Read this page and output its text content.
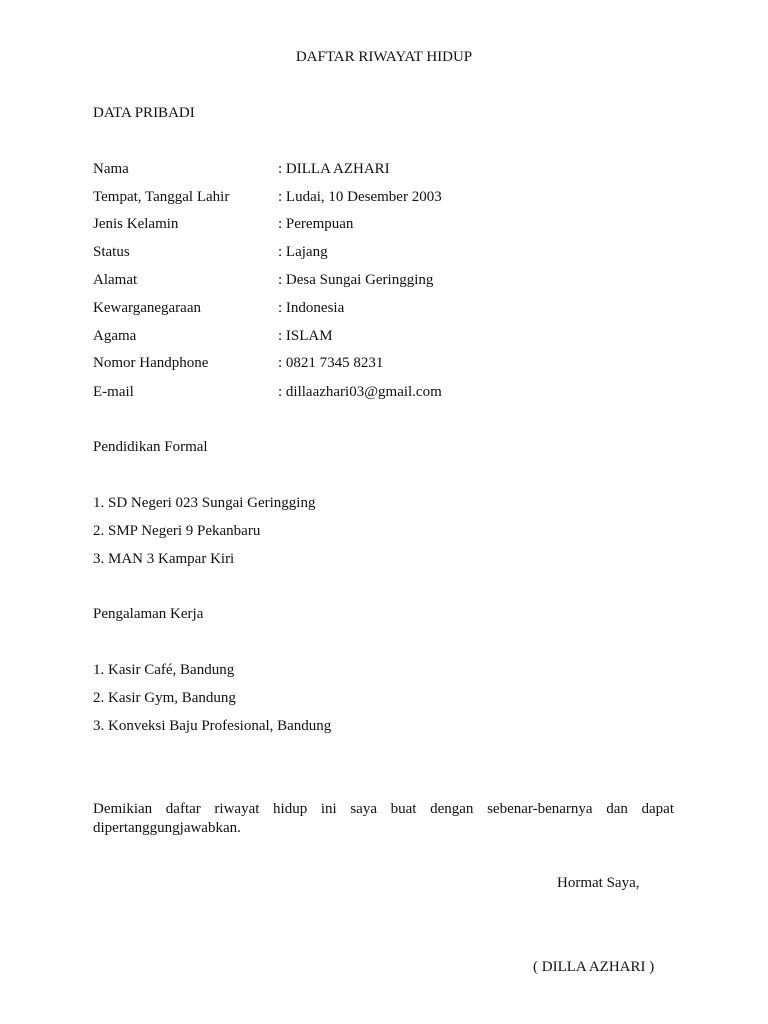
DAFTAR RIWAYAT HIDUP
DATA PRIBADI
Nama	: DILLA AZHARI
Tempat, Tanggal Lahir	: Ludai, 10 Desember 2003
Jenis Kelamin	: Perempuan
Status	: Lajang
Alamat	: Desa Sungai Geringging
Kewarganegaraan	: Indonesia
Agama	: ISLAM
Nomor Handphone	: 0821 7345 8231
E-mail	: dillaazhari03@gmail.com
Pendidikan Formal
1. SD Negeri 023 Sungai Geringging
2. SMP Negeri 9 Pekanbaru
3. MAN 3 Kampar Kiri
Pengalaman Kerja
1. Kasir Café, Bandung
2. Kasir Gym, Bandung
3. Konveksi Baju Profesional, Bandung
Demikian daftar riwayat hidup ini saya buat dengan sebenar-benarnya dan dapat dipertanggungjawabkan.
Hormat Saya,
( DILLA AZHARI )
